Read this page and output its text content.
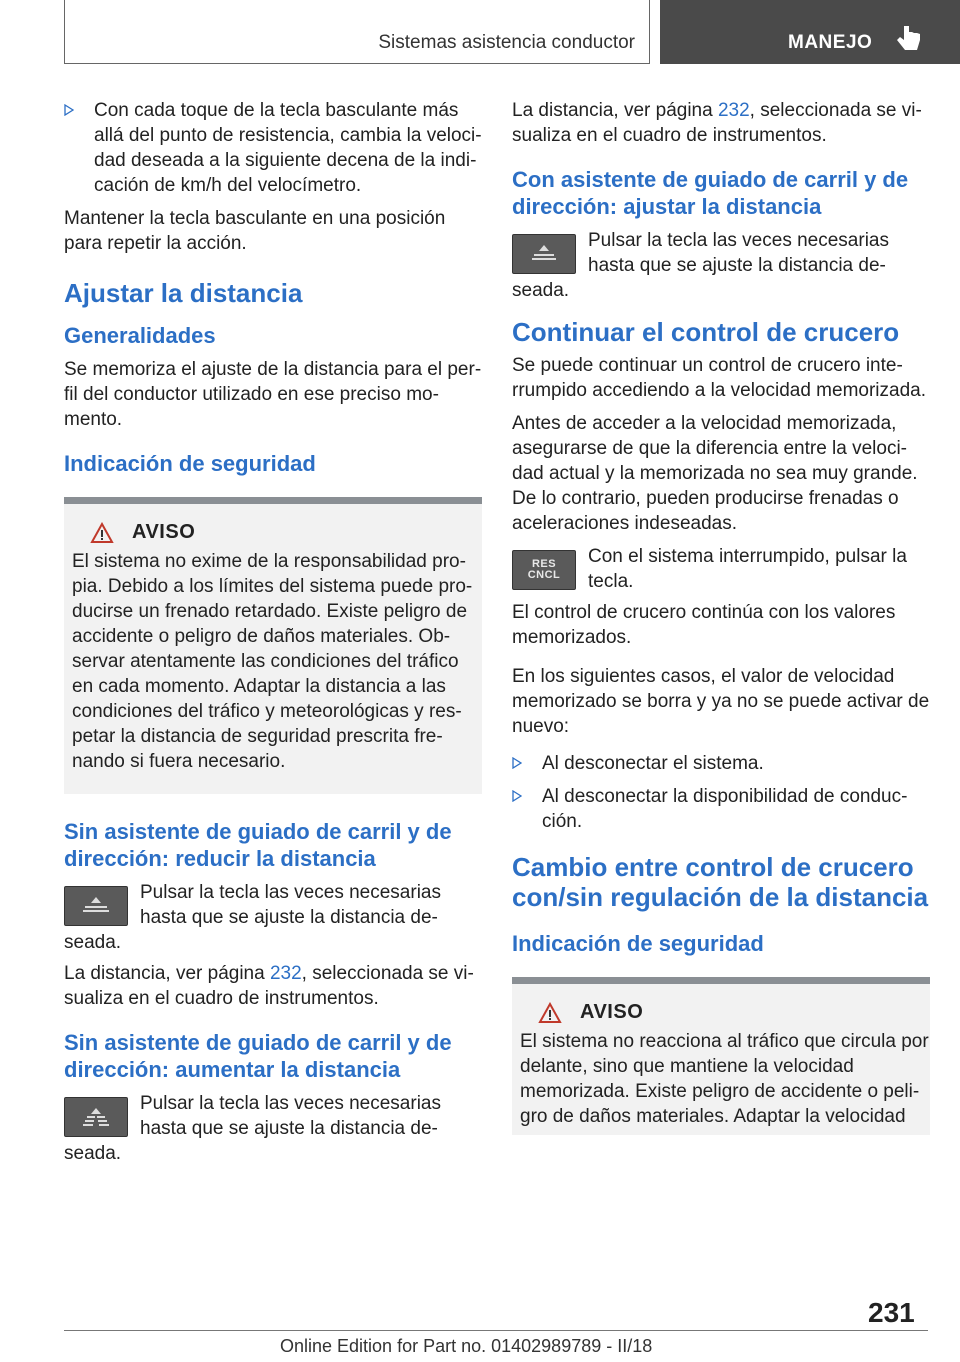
Sistemas asistencia conductor	MANEJO
Con cada toque de la tecla basculante más allá del punto de resistencia, cambia la veloci-dad deseada a la siguiente decena de la indi-cación de km/h del velocímetro.

Mantener la tecla basculante en una posición para repetir la acción.

Ajustar la distancia
Generalidades

Se memoriza el ajuste de la distancia para el per-fil del conductor utilizado en ese preciso mo-mento.

Indicación de seguridad
AVISO

El sistema no exime de la responsabilidad pro-pia. Debido a los límites del sistema puede pro-ducirse un frenado retardado. Existe peligro de accidente o peligro de daños materiales. Ob-servar atentamente las condiciones del tráfico en cada momento. Adaptar la distancia a las condiciones del tráfico y meteorológicas y res-petar la distancia de seguridad prescrita fre-nando si fuera necesario.

Sin asistente de guiado de carril y de dirección: reducir la distancia
Pulsar la tecla las veces necesarias hasta que se ajuste la distancia de-seada.

La distancia, ver página 232, seleccionada se vi-sualiza en el cuadro de instrumentos.

Sin asistente de guiado de carril y de dirección: aumentar la distancia
Pulsar la tecla las veces necesarias hasta que se ajuste la distancia de-seada.

La distancia, ver página 232, seleccionada se vi-sualiza en el cuadro de instrumentos.

Con asistente de guiado de carril y de dirección: ajustar la distancia
Pulsar la tecla las veces necesarias hasta que se ajuste la distancia de-seada.
Continuar el control de crucero

Se puede continuar un control de crucero inte-rrumpido accediendo a la velocidad memorizada.

Antes de acceder a la velocidad memorizada, asegurarse de que la diferencia entre la veloci-dad actual y la memorizada no sea muy grande. De lo contrario, pueden producirse frenadas o aceleraciones indeseadas.

RES
CNCL
Con el sistema interrumpido, pulsar la tecla.

El control de crucero continúa con los valores memorizados.

En los siguientes casos, el valor de velocidad memorizado se borra y ya no se puede activar de nuevo:

Al desconectar el sistema.
Al desconectar la disponibilidad de conduc-ción.
Cambio entre control de crucero con/sin regulación de la distancia
Indicación de seguridad
AVISO

El sistema no reacciona al tráfico que circula por delante, sino que mantiene la velocidad memorizada. Existe peligro de accidente o peli-gro de daños materiales. Adaptar la velocidad

231
Online Edition for Part no. 01402989789 - II/18
